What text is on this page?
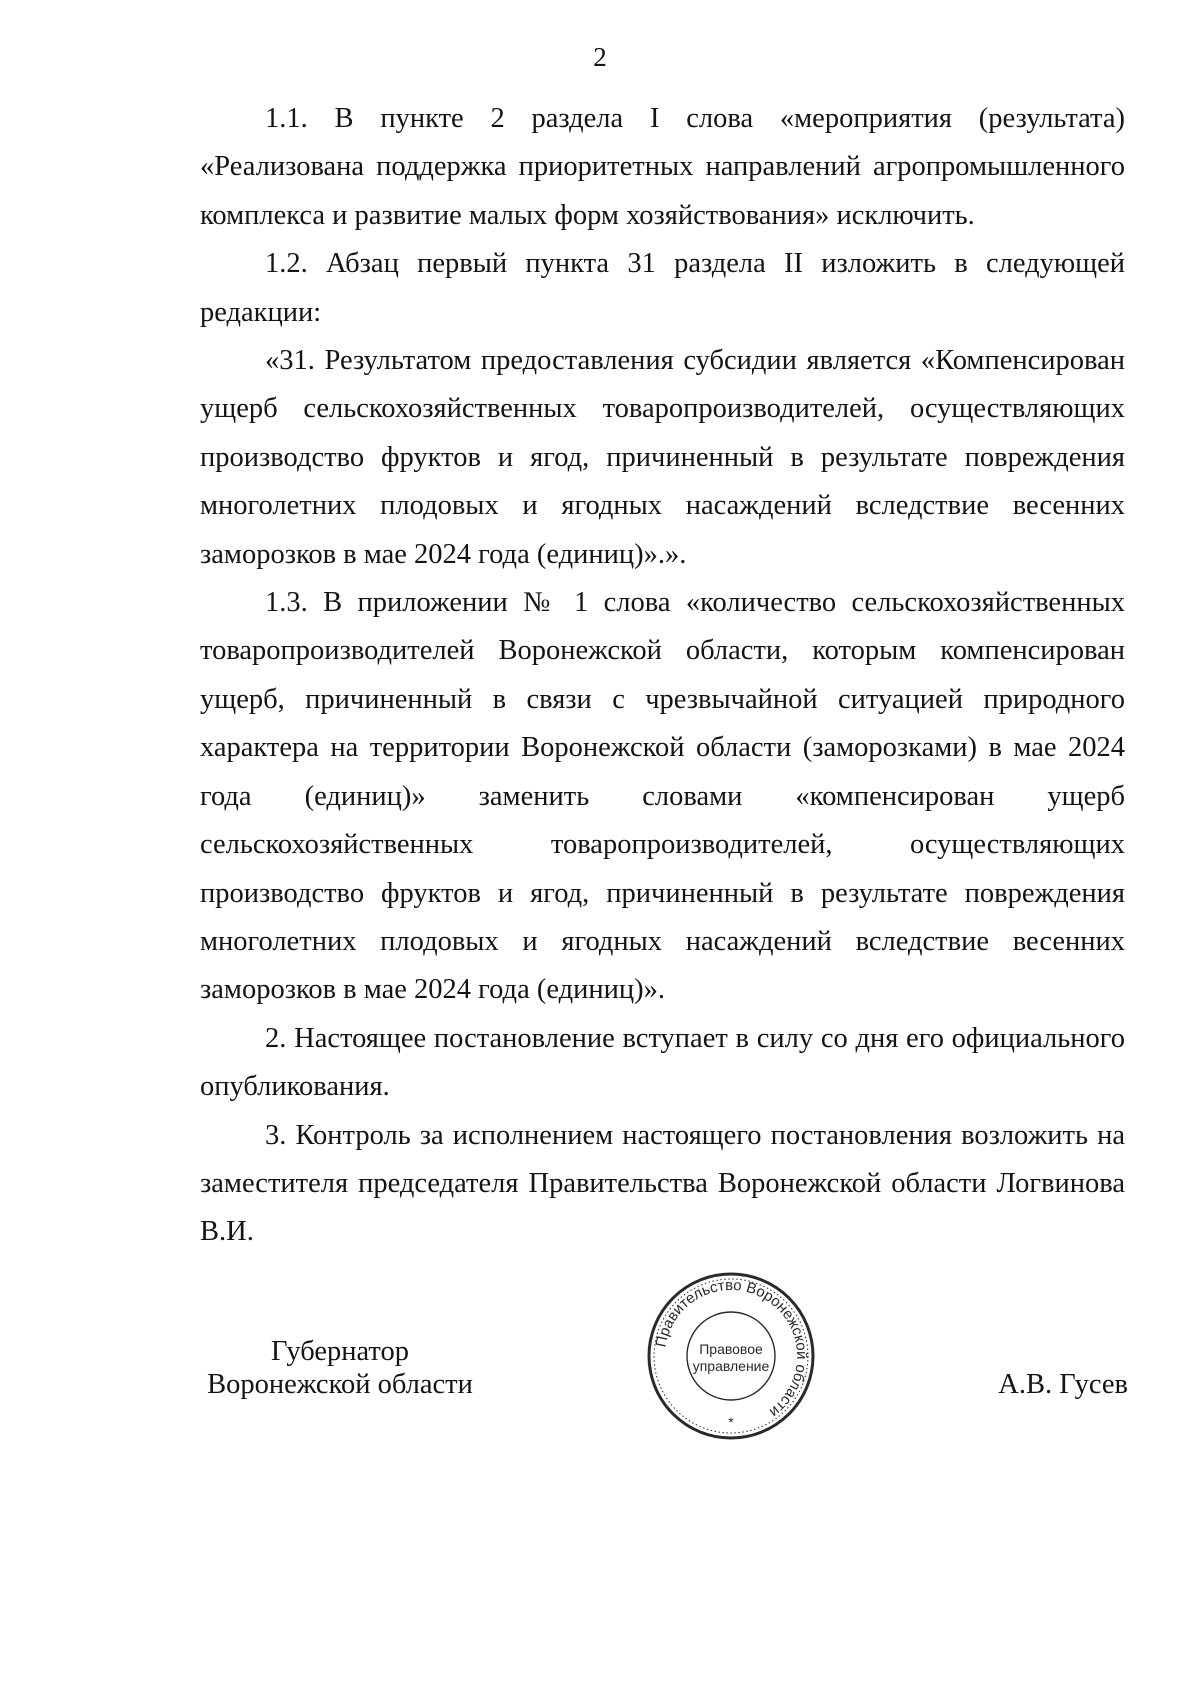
2

1.1. В пункте 2 раздела I слова «мероприятия (результата) «Реализована поддержка приоритетных направлений агропромышленного комплекса и развитие малых форм хозяйствования» исключить.

1.2. Абзац первый пункта 31 раздела II изложить в следующей редакции:

«31. Результатом предоставления субсидии является «Компенсирован ущерб сельскохозяйственных товаропроизводителей, осуществляющих производство фруктов и ягод, причиненный в результате повреждения многолетних плодовых и ягодных насаждений вследствие весенних заморозков в мае 2024 года (единиц)».».

1.3. В приложении № 1 слова «количество сельскохозяйственных товаропроизводителей Воронежской области, которым компенсирован ущерб, причиненный в связи с чрезвычайной ситуацией природного характера на территории Воронежской области (заморозками) в мае 2024 года (единиц)» заменить словами «компенсирован ущерб сельскохозяйственных товаропроизводителей, осуществляющих производство фруктов и ягод, причиненный в результате повреждения многолетних плодовых и ягодных насаждений вследствие весенних заморозков в мае 2024 года (единиц)».

2. Настоящее постановление вступает в силу со дня его официального опубликования.

3. Контроль за исполнением настоящего постановления возложить на заместителя председателя Правительства Воронежской области Логвинова В.И.

Губернатор
Воронежской области
Правительство Воронежской области
Правовое
управление
*
А.В. Гусев
